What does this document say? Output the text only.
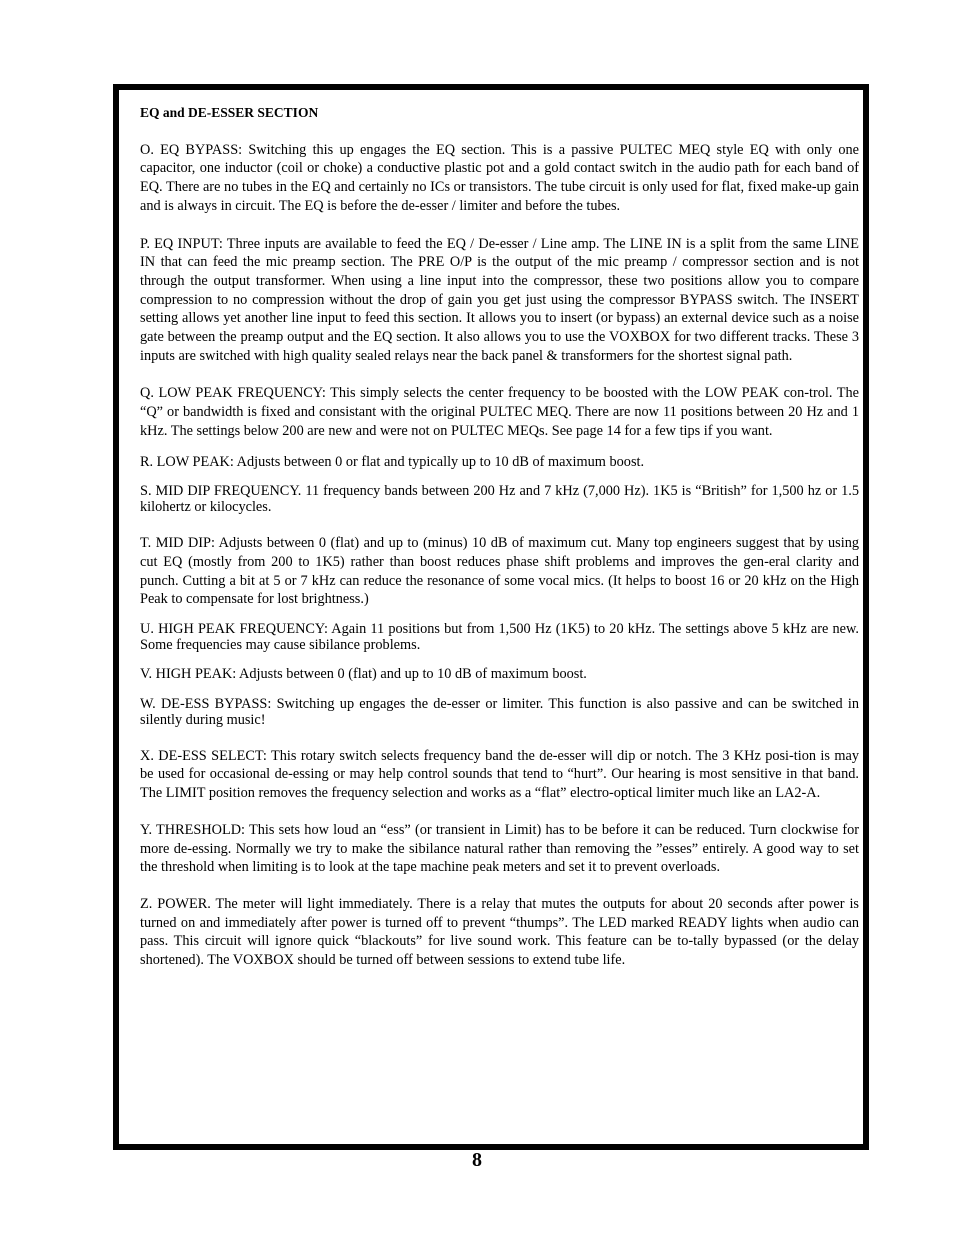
EQ and DE-ESSER SECTION

O. EQ BYPASS: Switching this up engages the EQ section. This is a passive PULTEC MEQ style EQ with only one capacitor, one inductor (coil or choke) a conductive plastic pot and a gold contact switch in the audio path for each band of EQ. There are no tubes in the EQ and certainly no ICs or transistors. The tube circuit is only used for flat, fixed make-up gain and is always in circuit. The EQ is before the de-esser / limiter and before the tubes.

P. EQ INPUT: Three inputs are available to feed the EQ / De-esser / Line amp. The LINE IN is a split from the same LINE IN that can feed the mic preamp section. The PRE O/P is the output of the mic preamp / compressor section and is not through the output transformer. When using a line input into the compressor, these two positions allow you to compare compression to no compression without the drop of gain you get just using the compressor BYPASS switch. The INSERT setting allows yet another line input to feed this section. It allows you to insert (or bypass) an external device such as a noise gate between the preamp output and the EQ section. It also allows you to use the VOXBOX for two different tracks. These 3 inputs are switched with high quality sealed relays near the back panel & transformers for the shortest signal path.

Q. LOW PEAK FREQUENCY: This simply selects the center frequency to be boosted with the LOW PEAK con-trol. The “Q” or bandwidth is fixed and consistant with the original PULTEC MEQ. There are now 11 positions between 20 Hz and 1 kHz. The settings below 200 are new and were not on PULTEC MEQs. See page 14 for a few tips if you want.

R. LOW PEAK: Adjusts between 0 or flat and typically up to 10 dB of maximum boost.

S. MID DIP FREQUENCY. 11 frequency bands between 200 Hz and 7 kHz (7,000 Hz). 1K5 is “British” for 1,500 hz or 1.5 kilohertz or kilocycles.

T. MID DIP: Adjusts between 0 (flat) and up to (minus) 10 dB of maximum cut. Many top engineers suggest that by using cut EQ (mostly from 200 to 1K5) rather than boost reduces phase shift problems and improves the gen-eral clarity and punch. Cutting a bit at 5 or 7 kHz can reduce the resonance of some vocal mics. (It helps to boost 16 or 20 kHz on the High Peak to compensate for lost brightness.)

U. HIGH PEAK FREQUENCY: Again 11 positions but from 1,500 Hz (1K5) to 20 kHz. The settings above 5 kHz are new. Some frequencies may cause sibilance problems.

V. HIGH PEAK: Adjusts between 0 (flat) and up to 10 dB of maximum boost.

W. DE-ESS BYPASS: Switching up engages the de-esser or limiter. This function is also passive and can be switched in silently during music!

X. DE-ESS SELECT: This rotary switch selects frequency band the de-esser will dip or notch. The 3 KHz posi-tion is may be used for occasional de-essing or may help control sounds that tend to “hurt”. Our hearing is most sensitive in that band. The LIMIT position removes the frequency selection and works as a “flat” electro-optical limiter much like an LA2-A.

Y. THRESHOLD: This sets how loud an “ess” (or transient in Limit) has to be before it can be reduced. Turn clockwise for more de-essing. Normally we try to make the sibilance natural rather than removing the ”esses” entirely. A good way to set the threshold when limiting is to look at the tape machine peak meters and set it to prevent overloads.

Z. POWER. The meter will light immediately. There is a relay that mutes the outputs for about 20 seconds after power is turned on and immediately after power is turned off to prevent “thumps”. The LED marked READY lights when audio can pass. This circuit will ignore quick “blackouts” for live sound work. This feature can be to-tally bypassed (or the delay shortened). The VOXBOX should be turned off between sessions to extend tube life.

8
